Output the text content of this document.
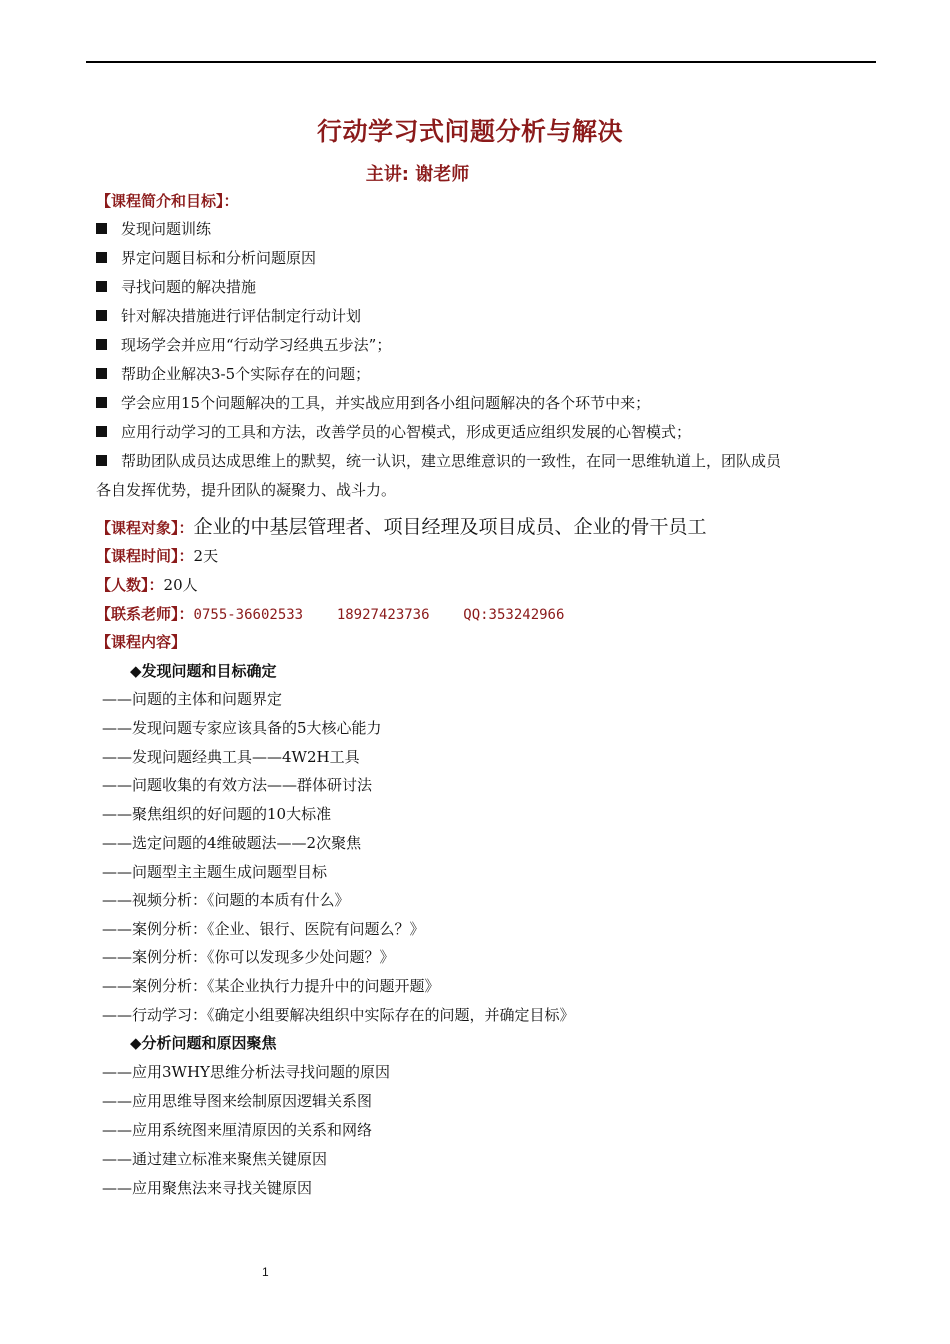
行动学习式问题分析与解决
主讲: 谢老师
【课程简介和目标】：
发现问题训练
界定问题目标和分析问题原因
寻找问题的解决措施
针对解决措施进行评估制定行动计划
现场学会并应用“行动学习经典五步法”；
帮助企业解决3-5个实际存在的问题；
学会应用15个问题解决的工具，并实战应用到各小组问题解决的各个环节中来；
应用行动学习的工具和方法，改善学员的心智模式，形成更适应组织发展的心智模式；
帮助团队成员达成思维上的默契，统一认识，建立思维意识的一致性，在同一思维轨道上，团队成员
各自发挥优势，提升团队的凝聚力、战斗力。
【课程对象】：企业的中基层管理者、项目经理及项目成员、企业的骨干员工
【课程时间】：2天
【人数】：20人
【联系老师】：0755-36602533 18927423736 QQ:353242966
【课程内容】
◆发现问题和目标确定
——问题的主体和问题界定
——发现问题专家应该具备的5大核心能力
——发现问题经典工具——4W2H工具
——问题收集的有效方法——群体研讨法
——聚焦组织的好问题的10大标准
——选定问题的4维破题法——2次聚焦
——问题型主主题生成问题型目标
——视频分析：《问题的本质有什么》
——案例分析：《企业、银行、医院有问题么？》
——案例分析：《你可以发现多少处问题？》
——案例分析：《某企业执行力提升中的问题开题》
——行动学习：《确定小组要解决组织中实际存在的问题，并确定目标》
◆分析问题和原因聚焦
——应用3WHY思维分析法寻找问题的原因
——应用思维导图来绘制原因逻辑关系图
——应用系统图来厘清原因的关系和网络
——通过建立标准来聚焦关键原因
——应用聚焦法来寻找关键原因
1
